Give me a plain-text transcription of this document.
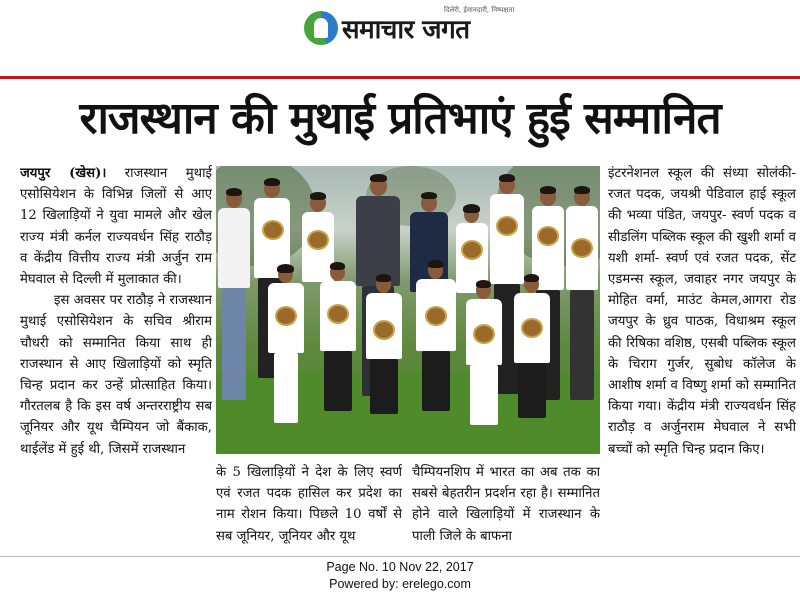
समाचार जगत
दिलेरी, ईमानदारी, निष्पक्षता
राजस्थान की मुथाई प्रतिभाएं हुई सम्मानित

जयपुर (खेस)। राजस्थान मुथाई एसोसियेशन के विभिन्न जिलों से आए 12 खिलाड़ियों ने युवा मामले और खेल राज्य मंत्री कर्नल राज्यवर्धन सिंह राठौड़ व केंद्रीय वित्तीय राज्य मंत्री अर्जुन राम मेघवाल से दिल्ली में मुलाकात की।

इस अवसर पर राठौड़ ने राजस्थान मुथाई एसोसियेशन के सचिव श्रीराम चौधरी को सम्मानित किया साथ ही राजस्थान से आए खिलाड़ियों को स्मृति चिन्ह प्रदान कर उन्हें प्रोत्साहित किया। गौरतलब है कि इस वर्ष अन्तरराष्ट्रीय सब जूनियर और यूथ चैम्पियन जो बैंकाक, थाईलेंड में हुई थी, जिसमें राजस्थान

के 5 खिलाड़ियों ने देश के लिए स्वर्ण एवं रजत पदक हासिल कर प्रदेश का नाम रोशन किया। पिछले 10 वर्षों से सब जूनियर, जूनियर और यूथ
चैम्पियनशिप में भारत का अब तक का सबसे बेहतरीन प्रदर्शन रहा है। सम्मानित होने वाले खिलाड़ियों में राजस्थान के पाली जिले के बाफना
इंटरनेशनल स्कूल की संध्या सोलंकी- रजत पदक, जयश्री पेडिवाल हाई स्कूल की भव्या पंडित, जयपुर- स्वर्ण पदक व सीडलिंग पब्लिक स्कूल की खुशी शर्मा व यशी शर्मा- स्वर्ण एवं रजत पदक, सेंट एडमन्स स्कूल, जवाहर नगर जयपुर के मोहित वर्मा, माउंट केमल,आगरा रोड जयपुर के ध्रुव पाठक, विधाश्रम स्कूल की रिषिका वशिष्ठ, एसबी पब्लिक स्कूल के चिराग गुर्जर, सुबोध कॉलेज के आशीष शर्मा व विष्णु शर्मा को सम्मानित किया गया। केंद्रीय मंत्री राज्यवर्धन सिंह राठौड़ व अर्जुनराम मेघवाल ने सभी बच्चों को स्मृति चिन्ह प्रदान किए।
Page No. 10 Nov 22, 2017
Powered by: erelego.com
